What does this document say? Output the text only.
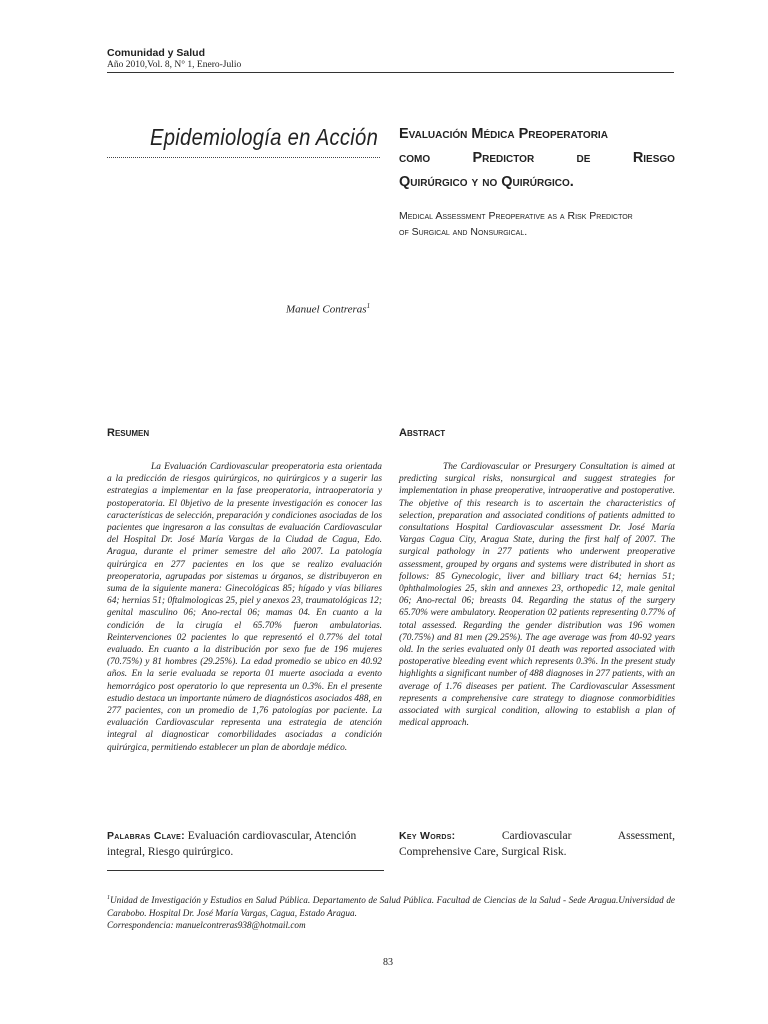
Comunidad y Salud
Año 2010,Vol. 8, N° 1, Enero-Julio
Epidemiología en Acción Evaluación Médica Preoperatoria
como	Predictor	de	Riesgo
Quirúrgico y no Quirúrgico.
Medical Assessment Preoperative as a Risk Predictor
of Surgical and Nonsurgical.
Manuel Contreras$^1$
Resumen	Abstract
La Evaluación Cardiovascular preoperatoria esta orientada a la predicción de riesgos quirúrgicos, no quirúrgicos y a sugerir las estrategias a implementar en la fase preoperatoria, intraoperatoria y postoperatoria. El 0bjetivo de la presente investigación es conocer las características de selección, preparación y condiciones asociadas de los pacientes que ingresaron a las consultas de evaluación Cardiovascular del Hospital Dr. José María Vargas de la Ciudad de Cagua, Edo. Aragua, durante el primer semestre del año 2007. La patología quirúrgica en 277 pacientes en los que se realizo evaluación preoperatoria, agrupadas por sistemas u órganos, se distribuyeron en suma de la siguiente manera: Ginecológicas 85; hígado y vías biliares 64; hernias 51; 0ftalmologicas 25, piel y anexos 23, traumatológicas 12; genital masculino 06; Ano-rectal 06; mamas 04. En cuanto a la condición de la cirugía el 65.70% fueron ambulatorias. Reintervenciones 02 pacientes lo que representó el 0.77% del total evaluado. En cuanto a la distribución por sexo fue de 196 mujeres (70.75%) y 81 hombres (29.25%). La edad promedio se ubico en 40.92 años. En la serie evaluada se reporta 01 muerte asociada a evento hemorrágico post operatorio lo que representa un 0.3%. En el presente estudio destaca un importante número de diagnósticos asociados 488, en 277 pacientes, con un promedio de 1,76 patologías por paciente. La evaluación Cardiovascular representa una estrategia de atención integral al diagnosticar comorbilidades asociadas a condición quirúrgica, permitiendo establecer un plan de abordaje médico.
The Cardiovascular or Presurgery Consultation is aimed at predicting surgical risks, nonsurgical and suggest strategies for implementation in phase preoperative, intraoperative and postoperative. The objetive of this research is to ascertain the characteristics of selection, preparation and associated conditions of patients admitted to consultations Hospital Cardiovascular assessment Dr. José María Vargas Cagua City, Aragua State, during the first half of 2007. The surgical pathology in 277 patients who underwent preoperative assessment, grouped by organs and systems were distributed in short as follows: 85 Gynecologic, liver and billiary tract 64; hernias 51; 0phthalmologies 25, skin and annexes 23, orthopedic 12, male genital 06; Ano-rectal 06; breasts 04. Regarding the status of the surgery 65.70% were ambulatory. Reoperation 02 patients representing 0.77% of total assessed. Regarding the gender distribution was 196 women (70.75%) and 81 men (29.25%). The age average was from 40-92 years old. In the series evaluated only 01 death was reported associated with postoperative bleeding event which represents 0.3%. In the present study highlights a significant number of 488 diagnoses in 277 patients, with an average of 1.76 diseases per patient. The Cardiovascular Assessment represents a comprehensive care strategy to diagnose conmorbidities associated with surgical condition, allowing to establish a plan of medical approach.
Palabras Clave: Evaluación cardiovascular, Atención integral, Riesgo quirúrgico.
Key Words:	Cardiovascular	Assessment,
Comprehensive Care, Surgical Risk.
$^1$Unidad de Investigación y Estudios en Salud Pública. Departamento de Salud Pública. Facultad de Ciencias de la Salud - Sede Aragua.Universidad de Carabobo. Hospital Dr. José María Vargas, Cagua, Estado Aragua.
Correspondencia: manuelcontreras938@hotmail.com
83
